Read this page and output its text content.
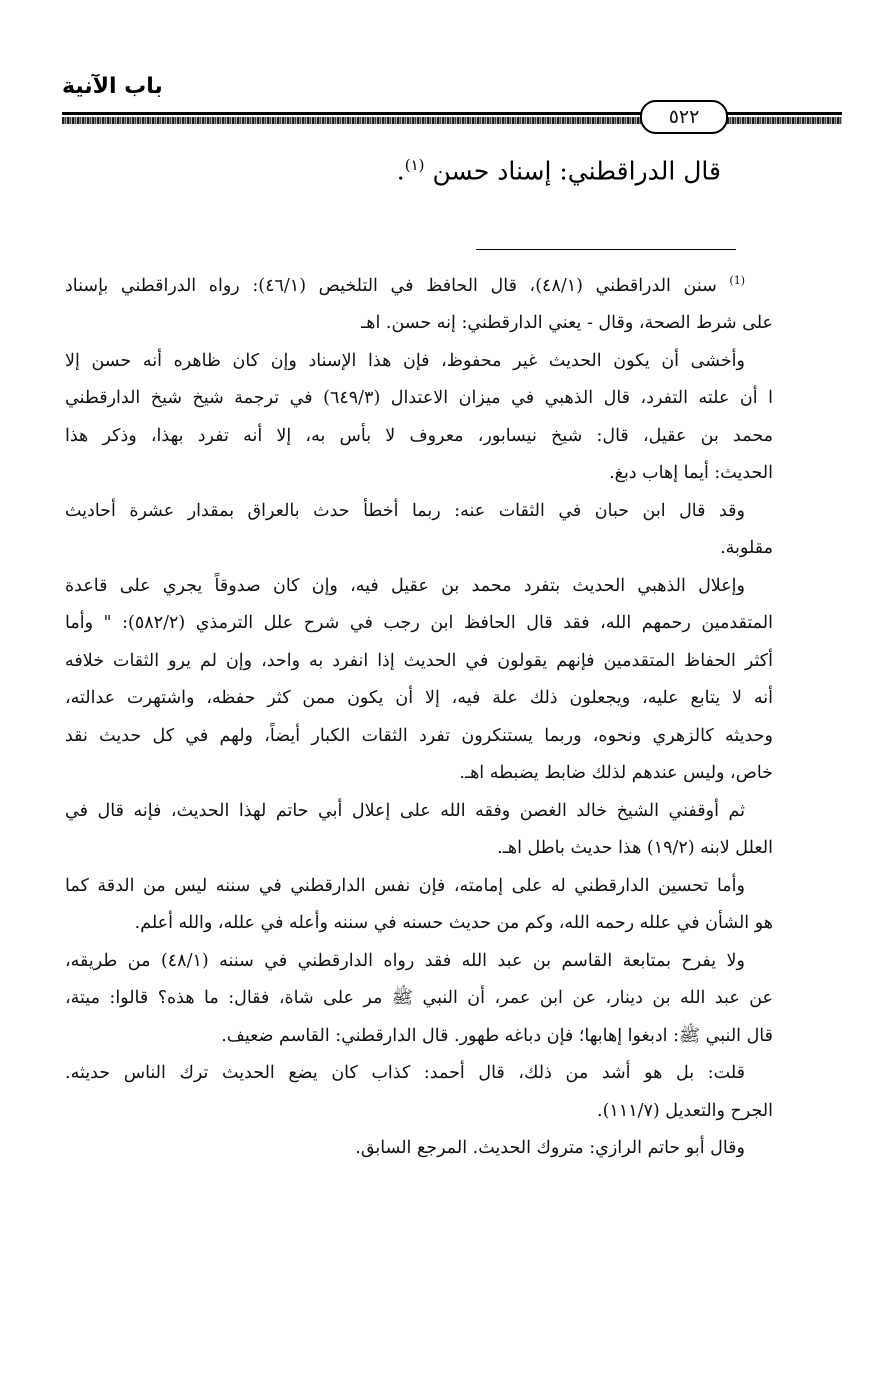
باب الآنية
٥٢٢
قال الدراقطني: إسناد حسن $^{(١)}$.

$^{(1)}$ سنن الدراقطني (٤٨/١)، قال الحافظ في التلخيص (٤٦/١): رواه الدراقطني بإسناد

على شرط الصحة، وقال - يعني الدارقطني: إنه حسن. اهـ

وأخشى أن يكون الحديث غير محفوظ، فإن هذا الإسناد وإن كان ظاهره أنه حسن إلا

ا أن علته التفرد، قال الذهبي في ميزان الاعتدال (٦٤٩/٣) في ترجمة شيخ شيخ الدارقطني

محمد بن عقيل، قال: شيخ نيسابور، معروف لا بأس به، إلا أنه تفرد بهذا، وذكر هذا

الحديث: أيما إهاب دبغ.

وقد قال ابن حبان في الثقات عنه: ربما أخطأ حدث بالعراق بمقدار عشرة أحاديث

مقلوبة.

وإعلال الذهبي الحديث بتفرد محمد بن عقيل فيه، وإن كان صدوقاً يجري على قاعدة

المتقدمين رحمهم الله، فقد قال الحافظ ابن رجب في شرح علل الترمذي (٥٨٢/٢): " وأما

أكثر الحفاظ المتقدمين فإنهم يقولون في الحديث إذا انفرد به واحد، وإن لم يرو الثقات خلافه

أنه لا يتابع عليه، ويجعلون ذلك علة فيه، إلا أن يكون ممن كثر حفظه، واشتهرت عدالته،

وحديثه كالزهري ونحوه، وربما يستنكرون تفرد الثقات الكبار أيضاً، ولهم في كل حديث نقد

خاص، وليس عندهم لذلك ضابط يضبطه اهـ.

ثم أوقفني الشيخ خالد الغصن وفقه الله على إعلال أبي حاتم لهذا الحديث، فإنه قال في

العلل لابنه (١٩/٢) هذا حديث باطل اهـ.

وأما تحسين الدارقطني له على إمامته، فإن نفس الدارقطني في سننه ليس من الدقة كما

هو الشأن في علله رحمه الله، وكم من حديث حسنه في سننه وأعله في علله، والله أعلم.

ولا يفرح بمتابعة القاسم بن عبد الله فقد رواه الدارقطني في سننه (٤٨/١) من طريقه،

عن عبد الله بن دينار، عن ابن عمر، أن النبي ﷺ مر على شاة، فقال: ما هذه؟ قالوا: ميتة،

قال النبي ﷺ: ادبغوا إهابها؛ فإن دباغه طهور. قال الدارقطني: القاسم ضعيف.

قلت: بل هو أشد من ذلك، قال أحمد: كذاب كان يضع الحديث ترك الناس حديثه.

الجرح والتعديل (١١١/٧).

وقال أبو حاتم الرازي: متروك الحديث. المرجع السابق.
